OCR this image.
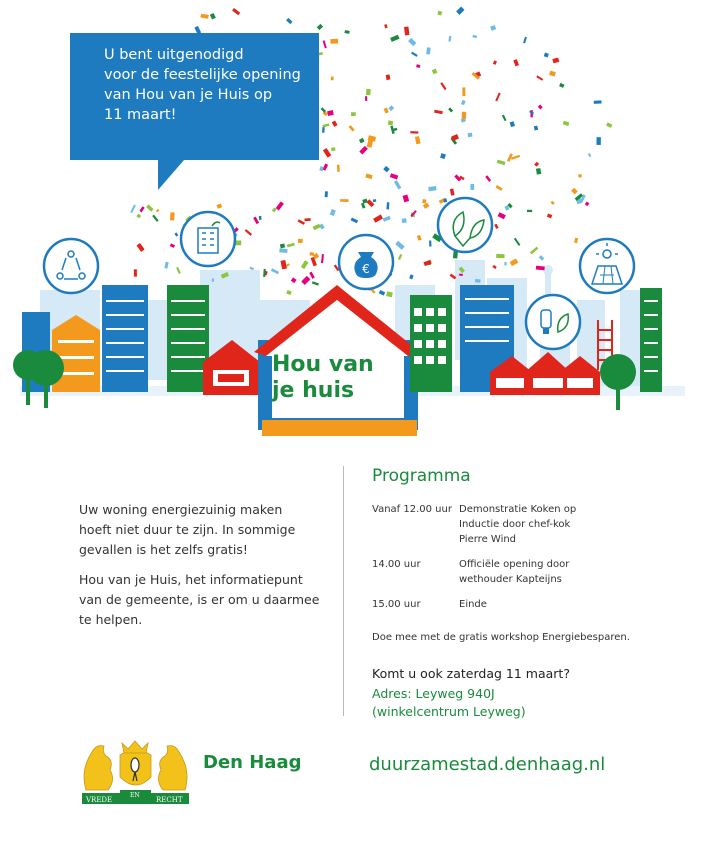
€
U bent uitgenodigd
voor de feestelijke opening
van Hou van je Huis op
11 maart!
Hou van
je huis

Uw woning energiezuinig maken
hoeft niet duur te zijn. In sommige
gevallen is het zelfs gratis!

Hou van je Huis, het informatiepunt
van de gemeente, is er om u daarmee
te helpen.

Programma
Vanaf 12.00 uur Demonstratie Koken op
Inductie door chef-kok
Pierre Wind
14.00 uur	Officiële opening door
wethouder Kapteijns
15.00 uur	Einde
Doe mee met de gratis workshop Energiebesparen.
Komt u ook zaterdag 11 maart?
Adres: Leyweg 940J
(winkelcentrum Leyweg)
VREDE
EN
RECHT
Den Haag	duurzamestad.denhaag.nl
